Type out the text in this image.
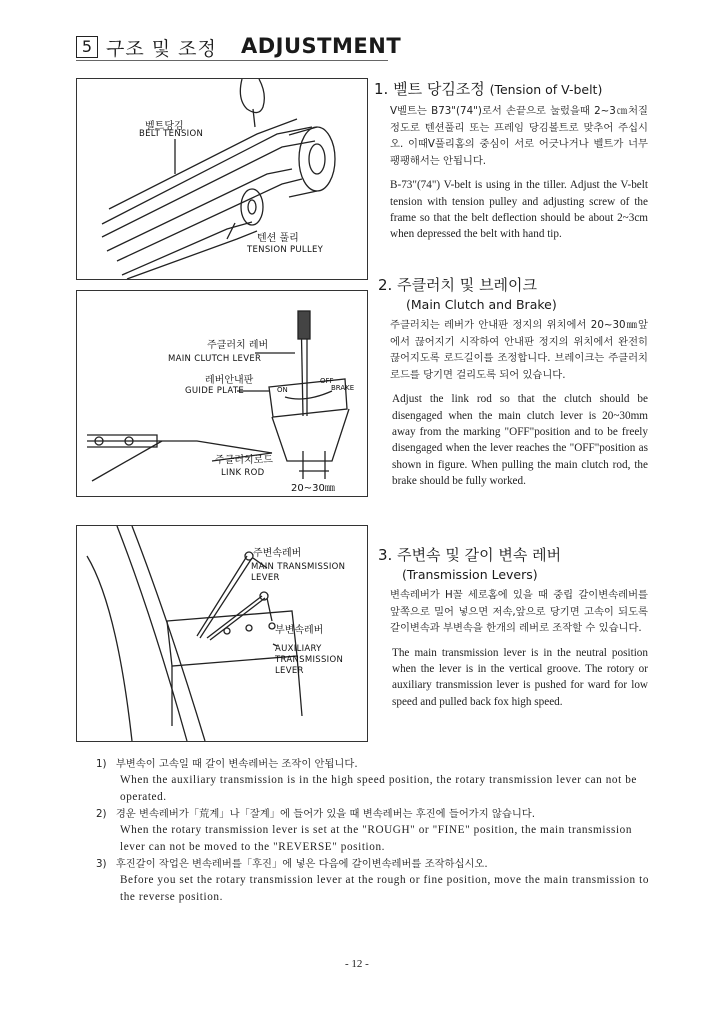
5 구조 및 조정 ADJUSTMENT
벨트당김
BELT TENSION
텐션 풀리
TENSION PULLEY
주클러치 레버
MAIN CLUTCH LEVER
레버안내판
GUIDE PLATE	ON
OFF
BRAKE
주클러치로드
LINK ROD
20~30㎜
주변속레버
MAIN TRANSMISSION
LEVER
부변속레버
AUXILIARY
TRANSMISSION
LEVER
1. 벨트 당김조정 (Tension of V-belt)
V벨트는 B73"(74")로서 손끝으로 눌렀을때 2~3㎝처질 정도로 텐션풀리 또는 프레임 당김볼트로 맞추어 주십시오. 이때V풀리홈의 중심이 서로 어긋나거나 벨트가 너무 팽팽해서는 안됩니다.
B-73"(74") V-belt is using in the tiller. Adjust the V-belt tension with tension pulley and adjusting screw of the frame so that the belt deflection should be about 2~3cm when depressed the belt with hand tip.
2. 주클러치 및 브레이크
(Main Clutch and Brake)
주클러치는 레버가 안내판 정지의 위치에서 20~30㎜앞에서 끊어지기 시작하여 안내판 정지의 위치에서 완전히 끊어지도록 로드길이를 조정합니다. 브레이크는 주클러치 로드를 당기면 걸리도록 되어 있습니다.
Adjust the link rod so that the clutch should be disengaged when the main clutch lever is 20~30mm away from the marking "OFF"position and to be freely disengaged when the lever reaches the "OFF"position as shown in figure. When pulling the main clutch rod, the brake should be fully worked.
3. 주변속 및 갈이 변속 레버
(Transmission Levers)
변속레버가 H꼴 세로홈에 있을 때 중립 갈이변속레버를 앞쪽으로 밀어 넣으면 저속,앞으로 당기면 고속이 되도록 갈이변속과 부변속을 한개의 레버로 조작할 수 있습니다.
The main transmission lever is in the neutral position when the lever is in the vertical groove. The rotory or auxiliary transmission lever is pushed for ward for low speed and pulled back fox high speed.
1) 부변속이 고속일 때 갈이 변속레버는 조작이 안됩니다.
When the auxiliary transmission is in the high speed position, the rotary transmission lever can not be operated.
2) 경운 변속레버가「荒계」나「잘계」에 들어가 있을 때 변속레버는 후진에 들어가지 않습니다.
When the rotary transmission lever is set at the "ROUGH" or "FINE" position, the main transmission lever can not be moved to the "REVERSE" position.
3) 후진갈이 작업은 변속레버를「후진」에 넣은 다음에 갈이변속레버를 조작하십시오.
Before you set the rotary transmission lever at the rough or fine position, move the main transmission to the reverse position.
- 12 -
